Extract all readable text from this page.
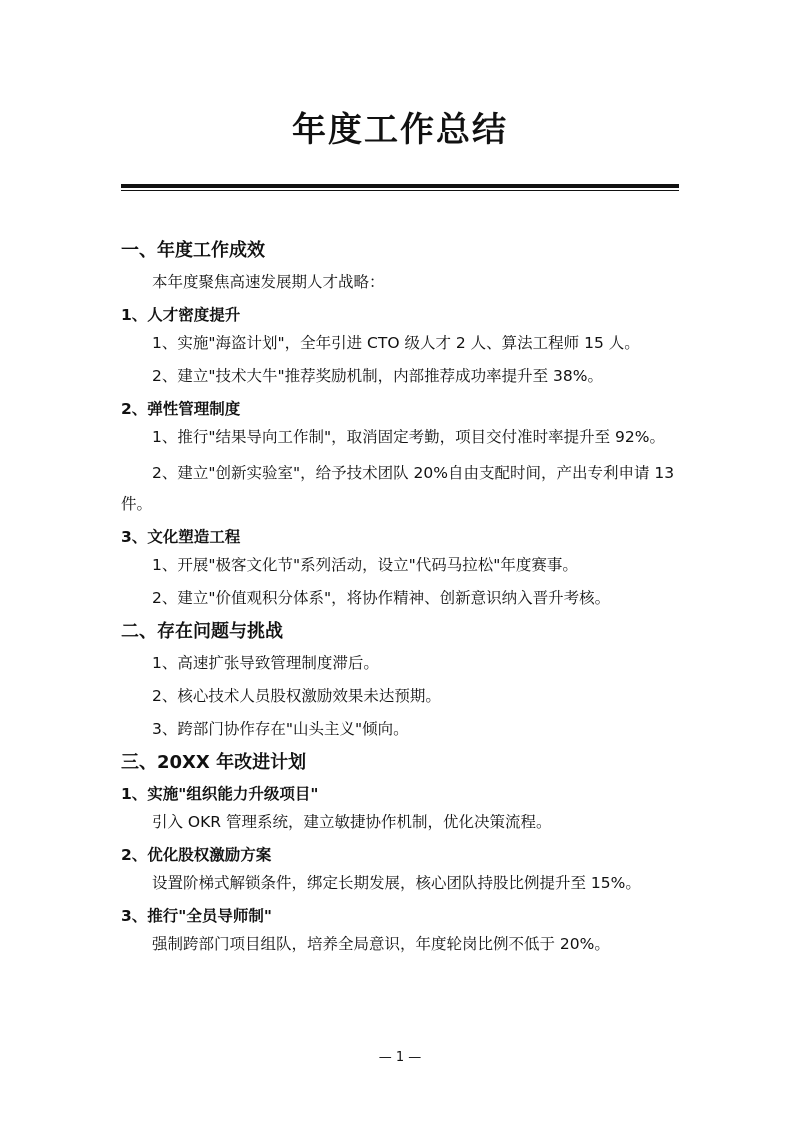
年度工作总结
一、年度工作成效
本年度聚焦高速发展期人才战略：
1、人才密度提升
1、实施"海盗计划"，全年引进 CTO 级人才 2 人、算法工程师 15 人。
2、建立"技术大牛"推荐奖励机制，内部推荐成功率提升至 38%。
2、弹性管理制度
1、推行"结果导向工作制"，取消固定考勤，项目交付准时率提升至 92%。
2、建立"创新实验室"，给予技术团队 20%自由支配时间，产出专利申请 13 件。
3、文化塑造工程
1、开展"极客文化节"系列活动，设立"代码马拉松"年度赛事。
2、建立"价值观积分体系"，将协作精神、创新意识纳入晋升考核。
二、存在问题与挑战
1、高速扩张导致管理制度滞后。
2、核心技术人员股权激励效果未达预期。
3、跨部门协作存在"山头主义"倾向。
三、20XX 年改进计划
1、实施"组织能力升级项目"
引入 OKR 管理系统，建立敏捷协作机制，优化决策流程。
2、优化股权激励方案
设置阶梯式解锁条件，绑定长期发展，核心团队持股比例提升至 15%。
3、推行"全员导师制"
强制跨部门项目组队，培养全局意识，年度轮岗比例不低于 20%。
— 1 —
